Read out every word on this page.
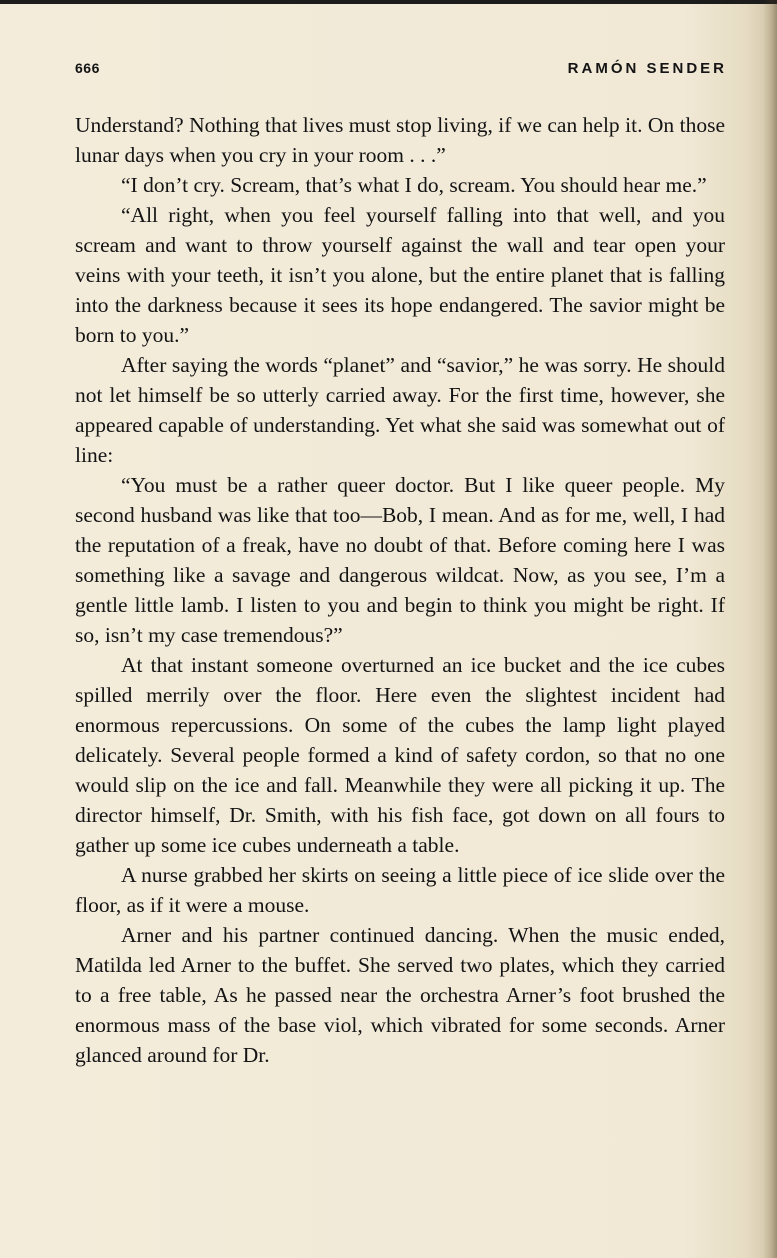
666	RAMÓN SENDER

Understand? Nothing that lives must stop living, if we can help it. On those lunar days when you cry in your room . . .”

“I don’t cry. Scream, that’s what I do, scream. You should hear me.”

“All right, when you feel yourself falling into that well, and you scream and want to throw yourself against the wall and tear open your veins with your teeth, it isn’t you alone, but the entire planet that is falling into the darkness because it sees its hope endangered. The savior might be born to you.”

After saying the words “planet” and “savior,” he was sorry. He should not let himself be so utterly carried away. For the first time, however, she appeared capable of understanding. Yet what she said was somewhat out of line:

“You must be a rather queer doctor. But I like queer people. My second husband was like that too—Bob, I mean. And as for me, well, I had the reputation of a freak, have no doubt of that. Before coming here I was something like a savage and dangerous wildcat. Now, as you see, I’m a gentle little lamb. I listen to you and begin to think you might be right. If so, isn’t my case tremendous?”

At that instant someone overturned an ice bucket and the ice cubes spilled merrily over the floor. Here even the slightest incident had enormous repercussions. On some of the cubes the lamp light played delicately. Several people formed a kind of safety cordon, so that no one would slip on the ice and fall. Meanwhile they were all picking it up. The director himself, Dr. Smith, with his fish face, got down on all fours to gather up some ice cubes underneath a table.

A nurse grabbed her skirts on seeing a little piece of ice slide over the floor, as if it were a mouse.

Arner and his partner continued dancing. When the music ended, Matilda led Arner to the buffet. She served two plates, which they carried to a free table, As he passed near the orchestra Arner’s foot brushed the enormous mass of the base viol, which vibrated for some seconds. Arner glanced around for Dr.
